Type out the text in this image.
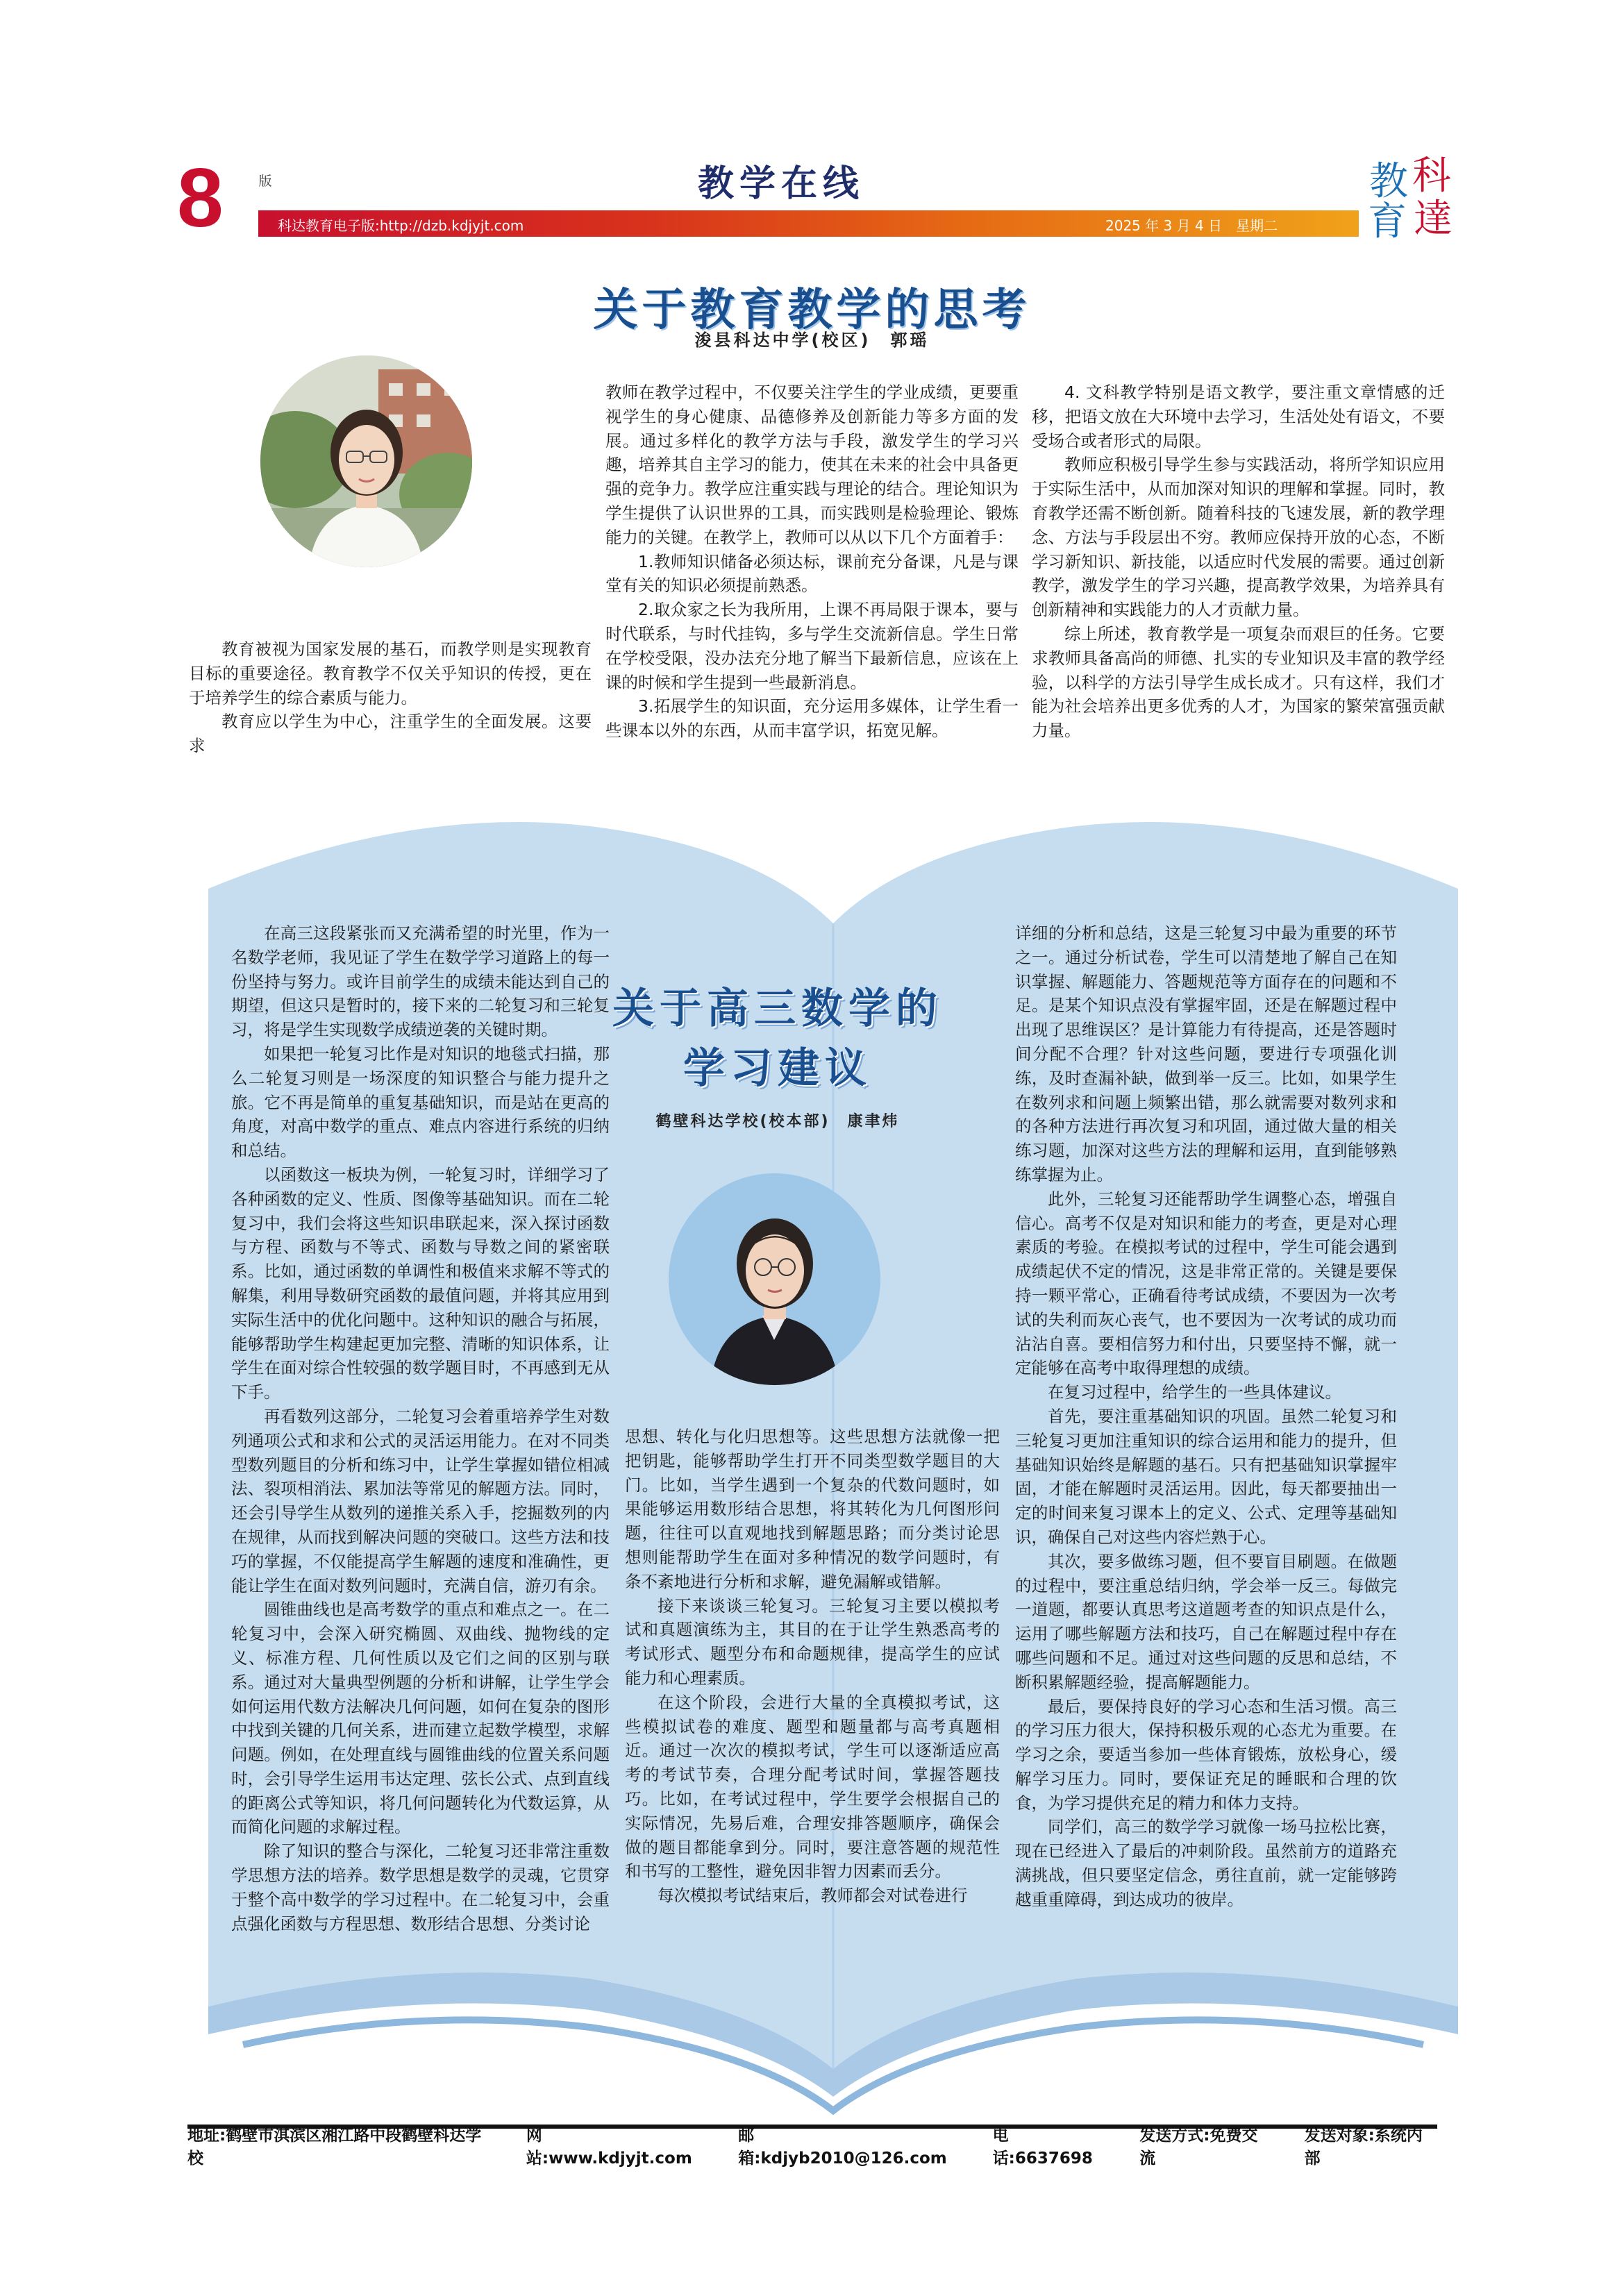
8	版	教学在线
科达教育电子版:http://dzb.kdjyjt.com	2025 年 3 月 4 日　星期二
科
教
達
育
关于教育教学的思考
浚县科达中学(校区)　郭瑶

教育被视为国家发展的基石，而教学则是实现教育目标的重要途径。教育教学不仅关乎知识的传授，更在于培养学生的综合素质与能力。

教育应以学生为中心，注重学生的全面发展。这要求

教师在教学过程中，不仅要关注学生的学业成绩，更要重视学生的身心健康、品德修养及创新能力等多方面的发展。通过多样化的教学方法与手段，激发学生的学习兴趣，培养其自主学习的能力，使其在未来的社会中具备更强的竞争力。教学应注重实践与理论的结合。理论知识为学生提供了认识世界的工具，而实践则是检验理论、锻炼能力的关键。在教学上，教师可以从以下几个方面着手：

1.教师知识储备必须达标，课前充分备课，凡是与课堂有关的知识必须提前熟悉。

2.取众家之长为我所用，上课不再局限于课本，要与时代联系，与时代挂钩，多与学生交流新信息。学生日常在学校受限，没办法充分地了解当下最新信息，应该在上课的时候和学生提到一些最新消息。

3.拓展学生的知识面，充分运用多媒体，让学生看一些课本以外的东西，从而丰富学识，拓宽见解。

4. 文科教学特别是语文教学，要注重文章情感的迁移，把语文放在大环境中去学习，生活处处有语文，不要受场合或者形式的局限。

教师应积极引导学生参与实践活动，将所学知识应用于实际生活中，从而加深对知识的理解和掌握。同时，教育教学还需不断创新。随着科技的飞速发展，新的教学理念、方法与手段层出不穷。教师应保持开放的心态，不断学习新知识、新技能，以适应时代发展的需要。通过创新教学，激发学生的学习兴趣，提高教学效果，为培养具有创新精神和实践能力的人才贡献力量。

综上所述，教育教学是一项复杂而艰巨的任务。它要求教师具备高尚的师德、扎实的专业知识及丰富的教学经验，以科学的方法引导学生成长成才。只有这样，我们才能为社会培养出更多优秀的人才，为国家的繁荣富强贡献力量。

关于高三数学的
学习建议
鹤壁科达学校(校本部)　康聿炜

在高三这段紧张而又充满希望的时光里，作为一名数学老师，我见证了学生在数学学习道路上的每一份坚持与努力。或许目前学生的成绩未能达到自己的期望，但这只是暂时的，接下来的二轮复习和三轮复习，将是学生实现数学成绩逆袭的关键时期。

如果把一轮复习比作是对知识的地毯式扫描，那么二轮复习则是一场深度的知识整合与能力提升之旅。它不再是简单的重复基础知识，而是站在更高的角度，对高中数学的重点、难点内容进行系统的归纳和总结。

以函数这一板块为例，一轮复习时，详细学习了各种函数的定义、性质、图像等基础知识。而在二轮复习中，我们会将这些知识串联起来，深入探讨函数与方程、函数与不等式、函数与导数之间的紧密联系。比如，通过函数的单调性和极值来求解不等式的解集，利用导数研究函数的最值问题，并将其应用到实际生活中的优化问题中。这种知识的融合与拓展，能够帮助学生构建起更加完整、清晰的知识体系，让学生在面对综合性较强的数学题目时，不再感到无从下手。

再看数列这部分，二轮复习会着重培养学生对数列通项公式和求和公式的灵活运用能力。在对不同类型数列题目的分析和练习中，让学生掌握如错位相减法、裂项相消法、累加法等常见的解题方法。同时，还会引导学生从数列的递推关系入手，挖掘数列的内在规律，从而找到解决问题的突破口。这些方法和技巧的掌握，不仅能提高学生解题的速度和准确性，更能让学生在面对数列问题时，充满自信，游刃有余。

圆锥曲线也是高考数学的重点和难点之一。在二轮复习中，会深入研究椭圆、双曲线、抛物线的定义、标准方程、几何性质以及它们之间的区别与联系。通过对大量典型例题的分析和讲解，让学生学会如何运用代数方法解决几何问题，如何在复杂的图形中找到关键的几何关系，进而建立起数学模型，求解问题。例如，在处理直线与圆锥曲线的位置关系问题时，会引导学生运用韦达定理、弦长公式、点到直线的距离公式等知识，将几何问题转化为代数运算，从而简化问题的求解过程。

除了知识的整合与深化，二轮复习还非常注重数学思想方法的培养。数学思想是数学的灵魂，它贯穿于整个高中数学的学习过程中。在二轮复习中，会重点强化函数与方程思想、数形结合思想、分类讨论

思想、转化与化归思想等。这些思想方法就像一把把钥匙，能够帮助学生打开不同类型数学题目的大门。比如，当学生遇到一个复杂的代数问题时，如果能够运用数形结合思想，将其转化为几何图形问题，往往可以直观地找到解题思路；而分类讨论思想则能帮助学生在面对多种情况的数学问题时，有条不紊地进行分析和求解，避免漏解或错解。

接下来谈谈三轮复习。三轮复习主要以模拟考试和真题演练为主，其目的在于让学生熟悉高考的考试形式、题型分布和命题规律，提高学生的应试能力和心理素质。

在这个阶段，会进行大量的全真模拟考试，这些模拟试卷的难度、题型和题量都与高考真题相近。通过一次次的模拟考试，学生可以逐渐适应高考的考试节奏，合理分配考试时间，掌握答题技巧。比如，在考试过程中，学生要学会根据自己的实际情况，先易后难，合理安排答题顺序，确保会做的题目都能拿到分。同时，要注意答题的规范性和书写的工整性，避免因非智力因素而丢分。

每次模拟考试结束后，教师都会对试卷进行

详细的分析和总结，这是三轮复习中最为重要的环节之一。通过分析试卷，学生可以清楚地了解自己在知识掌握、解题能力、答题规范等方面存在的问题和不足。是某个知识点没有掌握牢固，还是在解题过程中出现了思维误区？是计算能力有待提高，还是答题时间分配不合理？针对这些问题，要进行专项强化训练，及时查漏补缺，做到举一反三。比如，如果学生在数列求和问题上频繁出错，那么就需要对数列求和的各种方法进行再次复习和巩固，通过做大量的相关练习题，加深对这些方法的理解和运用，直到能够熟练掌握为止。

此外，三轮复习还能帮助学生调整心态，增强自信心。高考不仅是对知识和能力的考查，更是对心理素质的考验。在模拟考试的过程中，学生可能会遇到成绩起伏不定的情况，这是非常正常的。关键是要保持一颗平常心，正确看待考试成绩，不要因为一次考试的失利而灰心丧气，也不要因为一次考试的成功而沾沾自喜。要相信努力和付出，只要坚持不懈，就一定能够在高考中取得理想的成绩。

在复习过程中，给学生的一些具体建议。

首先，要注重基础知识的巩固。虽然二轮复习和三轮复习更加注重知识的综合运用和能力的提升，但基础知识始终是解题的基石。只有把基础知识掌握牢固，才能在解题时灵活运用。因此，每天都要抽出一定的时间来复习课本上的定义、公式、定理等基础知识，确保自己对这些内容烂熟于心。

其次，要多做练习题，但不要盲目刷题。在做题的过程中，要注重总结归纳，学会举一反三。每做完一道题，都要认真思考这道题考查的知识点是什么，运用了哪些解题方法和技巧，自己在解题过程中存在哪些问题和不足。通过对这些问题的反思和总结，不断积累解题经验，提高解题能力。

最后，要保持良好的学习心态和生活习惯。高三的学习压力很大，保持积极乐观的心态尤为重要。在学习之余，要适当参加一些体育锻炼，放松身心，缓解学习压力。同时，要保证充足的睡眠和合理的饮食，为学习提供充足的精力和体力支持。

同学们，高三的数学学习就像一场马拉松比赛，现在已经进入了最后的冲刺阶段。虽然前方的道路充满挑战，但只要坚定信念，勇往直前，就一定能够跨越重重障碍，到达成功的彼岸。

地址:鹤壁市淇滨区湘江路中段鹤壁科达学校
网站:www.kdjyjt.com
邮箱:kdjyb2010@126.com
电话:6637698
发送方式:免费交流
发送对象:系统内部
